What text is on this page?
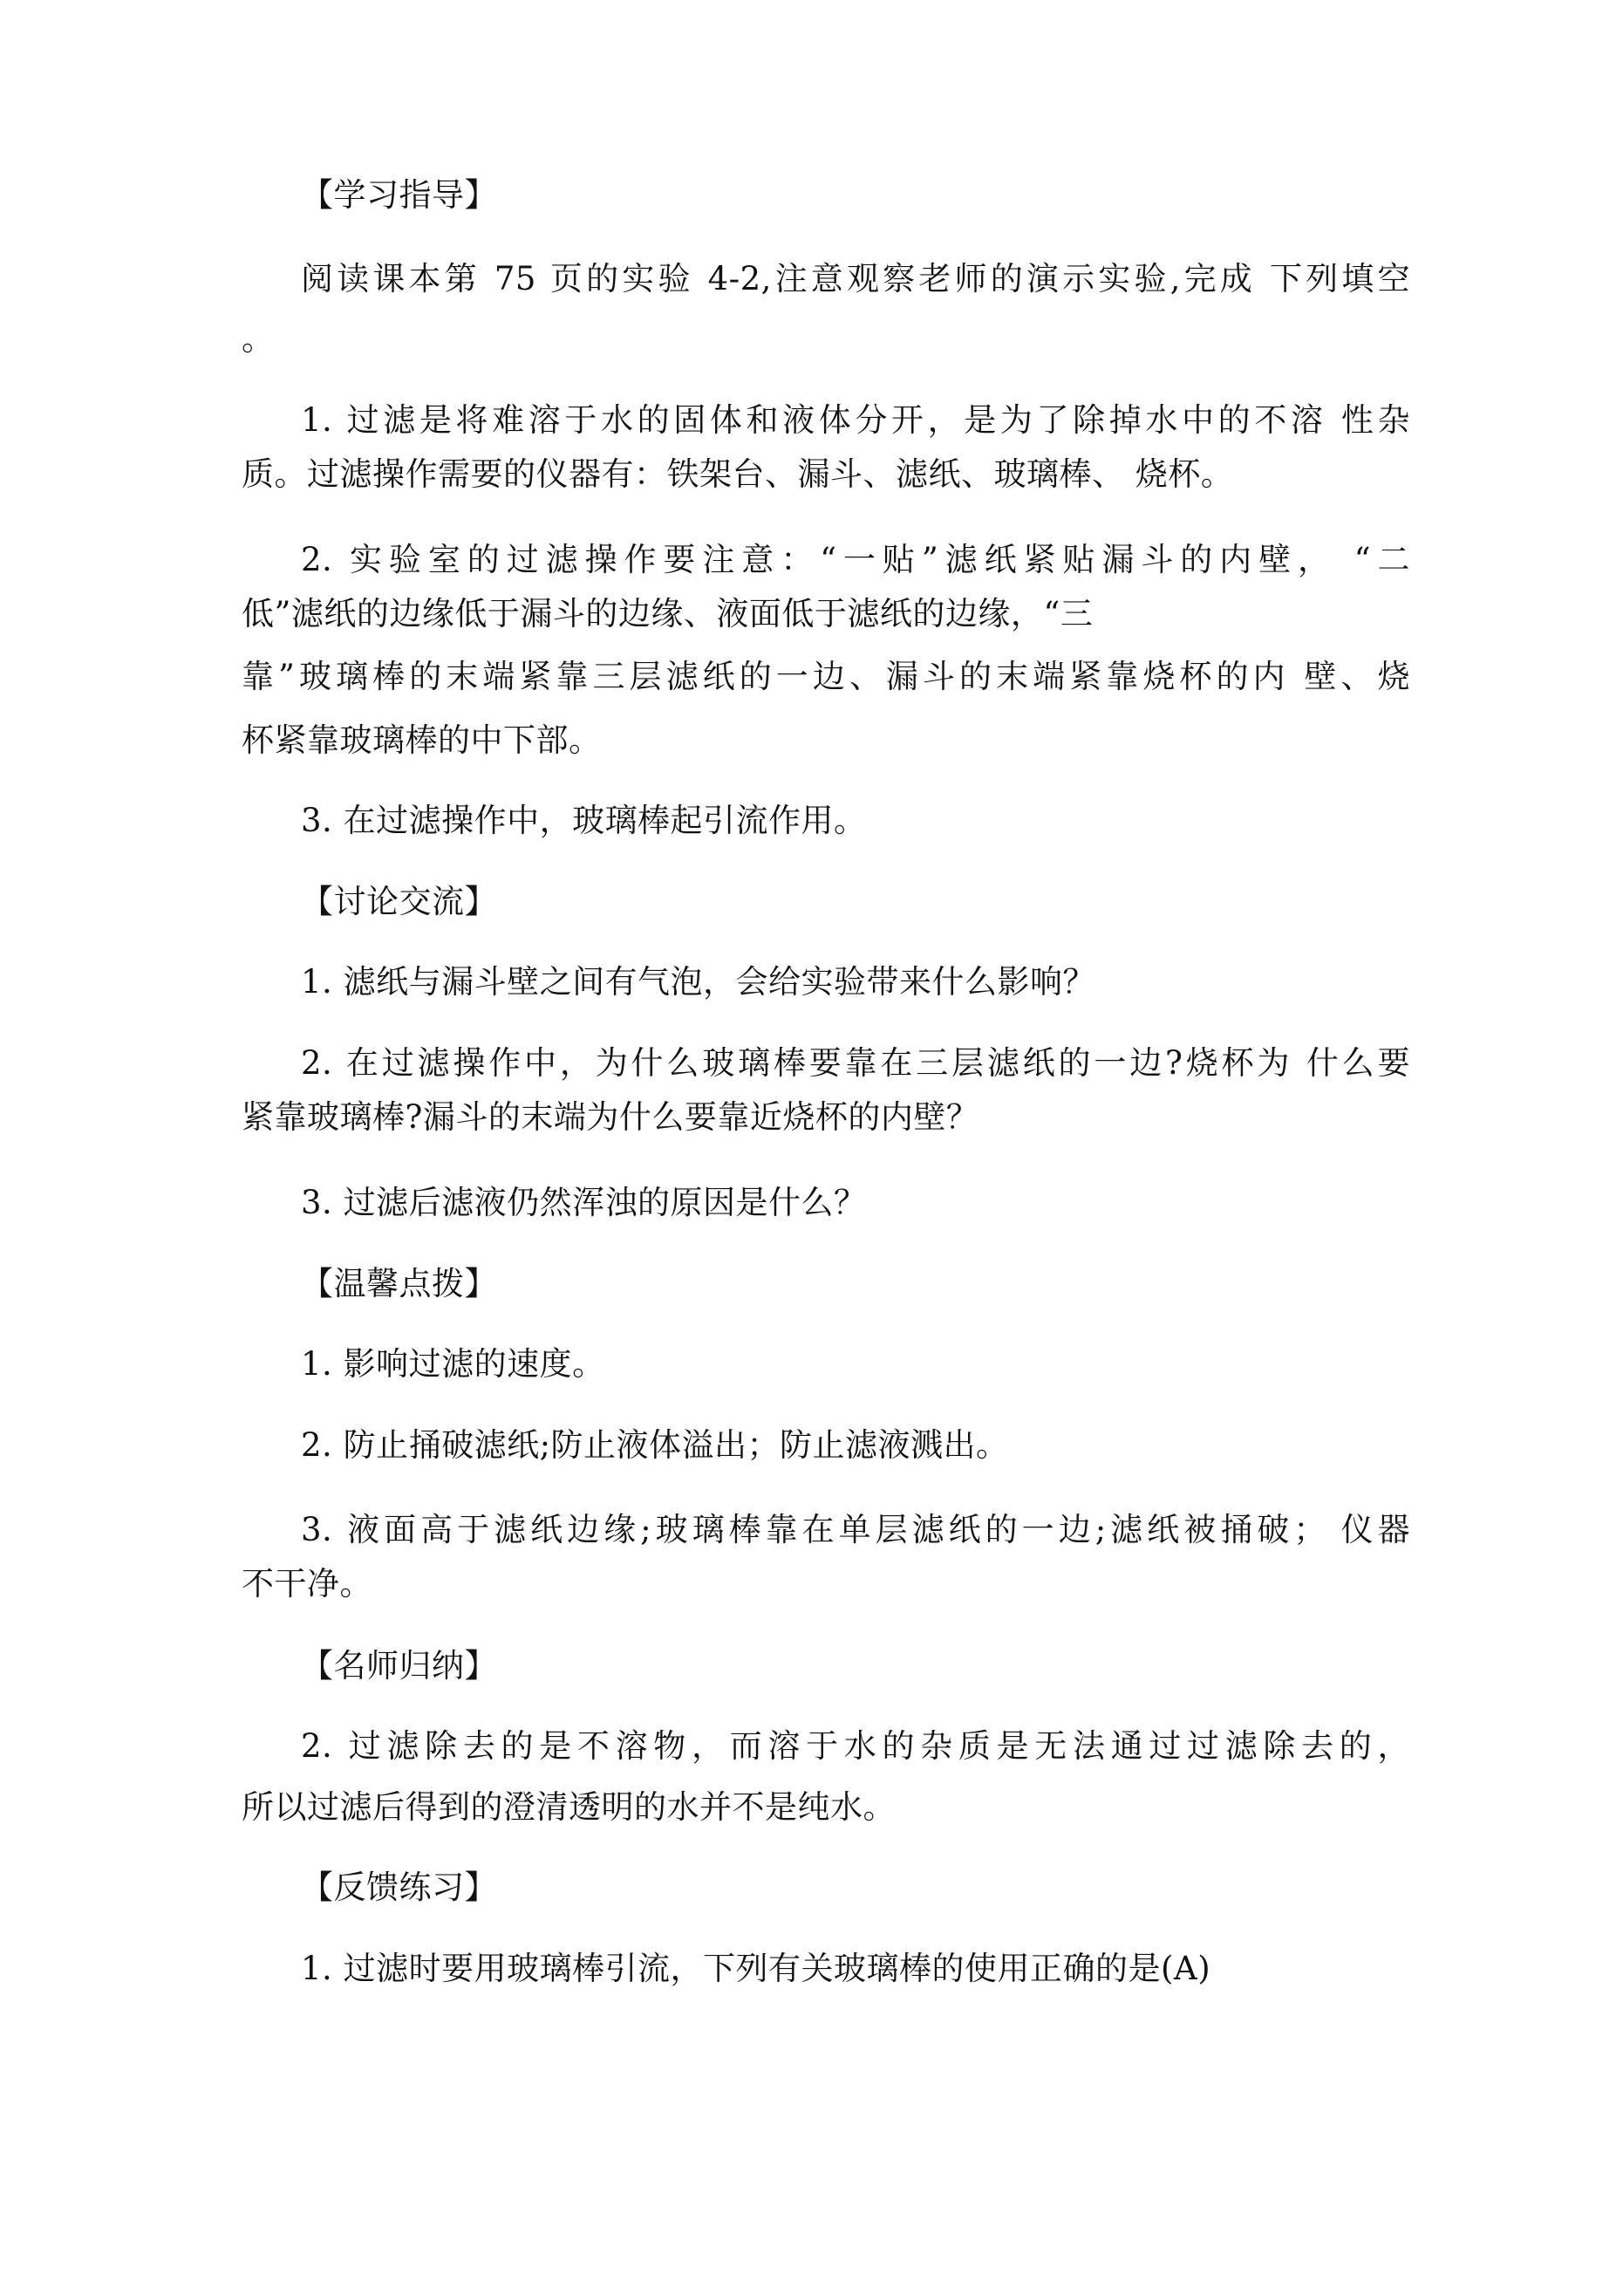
【学习指导】

阅读课本第 75 页的实验 4-2,注意观察老师的演示实验,完成 下列填空

。

1. 过滤是将难溶于水的固体和液体分开，是为了除掉水中的不溶 性杂

质。过滤操作需要的仪器有：铁架台、漏斗、滤纸、玻璃棒、 烧杯。

2. 实验室的过滤操作要注意：“一贴”滤纸紧贴漏斗的内壁， “二

低”滤纸的边缘低于漏斗的边缘、液面低于滤纸的边缘，“三

靠”玻璃棒的末端紧靠三层滤纸的一边、漏斗的末端紧靠烧杯的内 壁、烧

杯紧靠玻璃棒的中下部。

3. 在过滤操作中，玻璃棒起引流作用。

【讨论交流】

1. 滤纸与漏斗壁之间有气泡，会给实验带来什么影响？

2. 在过滤操作中，为什么玻璃棒要靠在三层滤纸的一边?烧杯为 什么要

紧靠玻璃棒?漏斗的末端为什么要靠近烧杯的内壁？

3. 过滤后滤液仍然浑浊的原因是什么？

【温馨点拨】

1. 影响过滤的速度。

2. 防止捅破滤纸;防止液体溢出；防止滤液溅出。

3. 液面高于滤纸边缘;玻璃棒靠在单层滤纸的一边;滤纸被捅破； 仪器

不干净。

【名师归纳】

2. 过滤除去的是不溶物，而溶于水的杂质是无法通过过滤除去的，

所以过滤后得到的澄清透明的水并不是纯水。

【反馈练习】

1. 过滤时要用玻璃棒引流，下列有关玻璃棒的使用正确的是(A)
